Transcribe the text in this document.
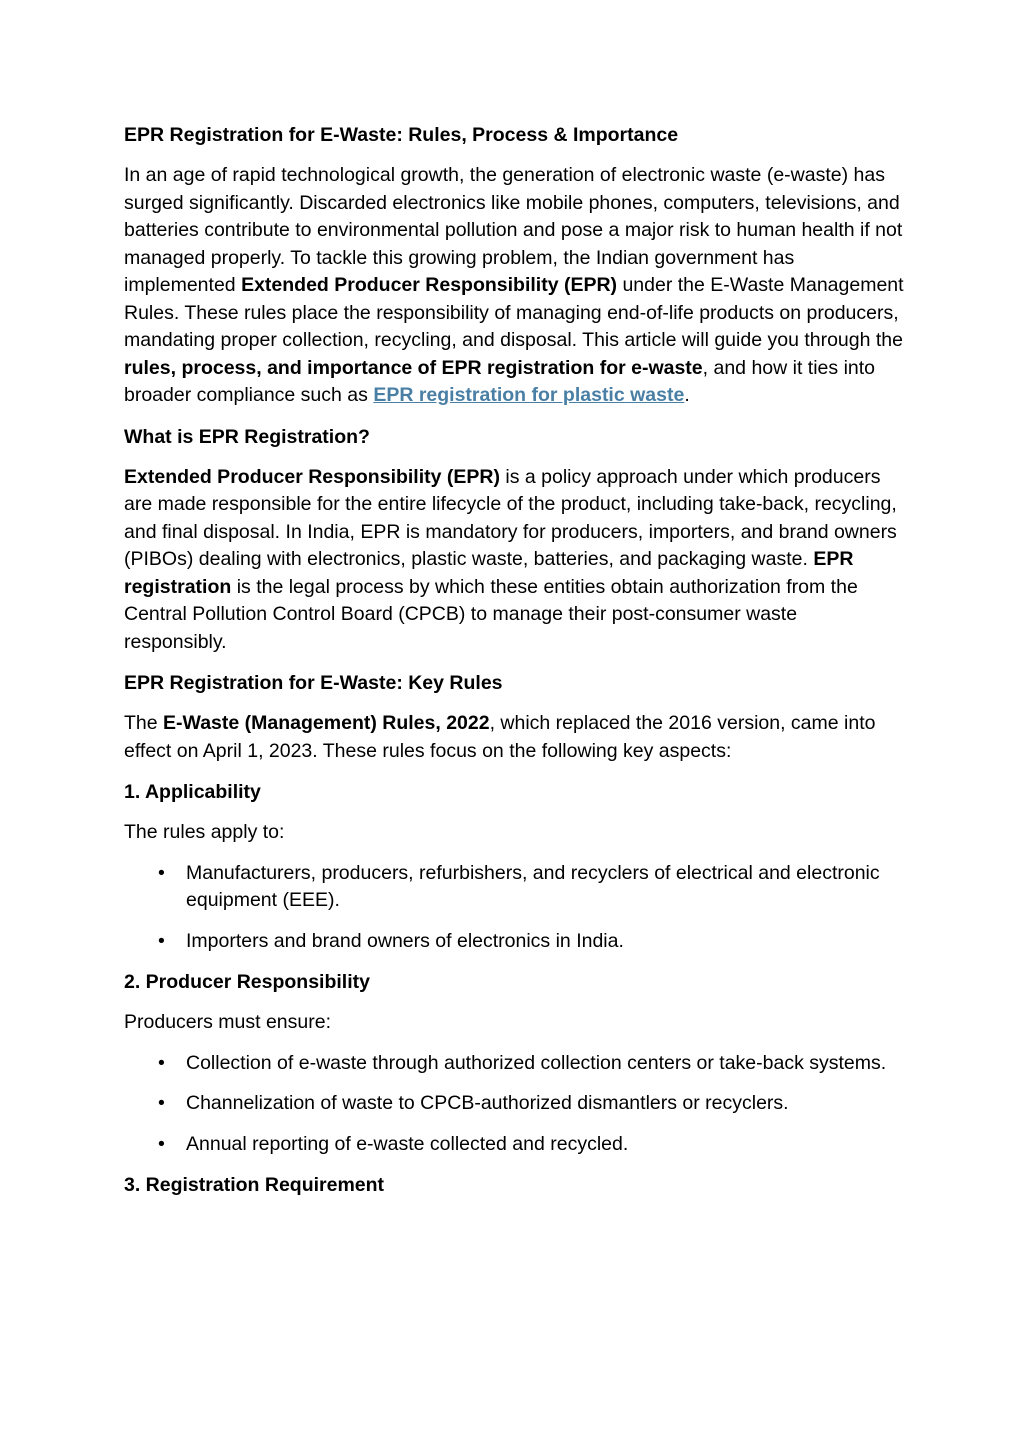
EPR Registration for E-Waste: Rules, Process & Importance

In an age of rapid technological growth, the generation of electronic waste (e-waste) has surged significantly. Discarded electronics like mobile phones, computers, televisions, and batteries contribute to environmental pollution and pose a major risk to human health if not managed properly. To tackle this growing problem, the Indian government has implemented Extended Producer Responsibility (EPR) under the E-Waste Management Rules. These rules place the responsibility of managing end-of-life products on producers, mandating proper collection, recycling, and disposal. This article will guide you through the rules, process, and importance of EPR registration for e-waste, and how it ties into broader compliance such as EPR registration for plastic waste.

What is EPR Registration?

Extended Producer Responsibility (EPR) is a policy approach under which producers are made responsible for the entire lifecycle of the product, including take-back, recycling, and final disposal. In India, EPR is mandatory for producers, importers, and brand owners (PIBOs) dealing with electronics, plastic waste, batteries, and packaging waste. EPR registration is the legal process by which these entities obtain authorization from the Central Pollution Control Board (CPCB) to manage their post-consumer waste responsibly.

EPR Registration for E-Waste: Key Rules

The E-Waste (Management) Rules, 2022, which replaced the 2016 version, came into effect on April 1, 2023. These rules focus on the following key aspects:

1. Applicability

The rules apply to:

• Manufacturers, producers, refurbishers, and recyclers of electrical and electronic equipment (EEE).
• Importers and brand owners of electronics in India.
2. Producer Responsibility

Producers must ensure:

• Collection of e-waste through authorized collection centers or take-back systems.
• Channelization of waste to CPCB-authorized dismantlers or recyclers.
• Annual reporting of e-waste collected and recycled.
3. Registration Requirement
